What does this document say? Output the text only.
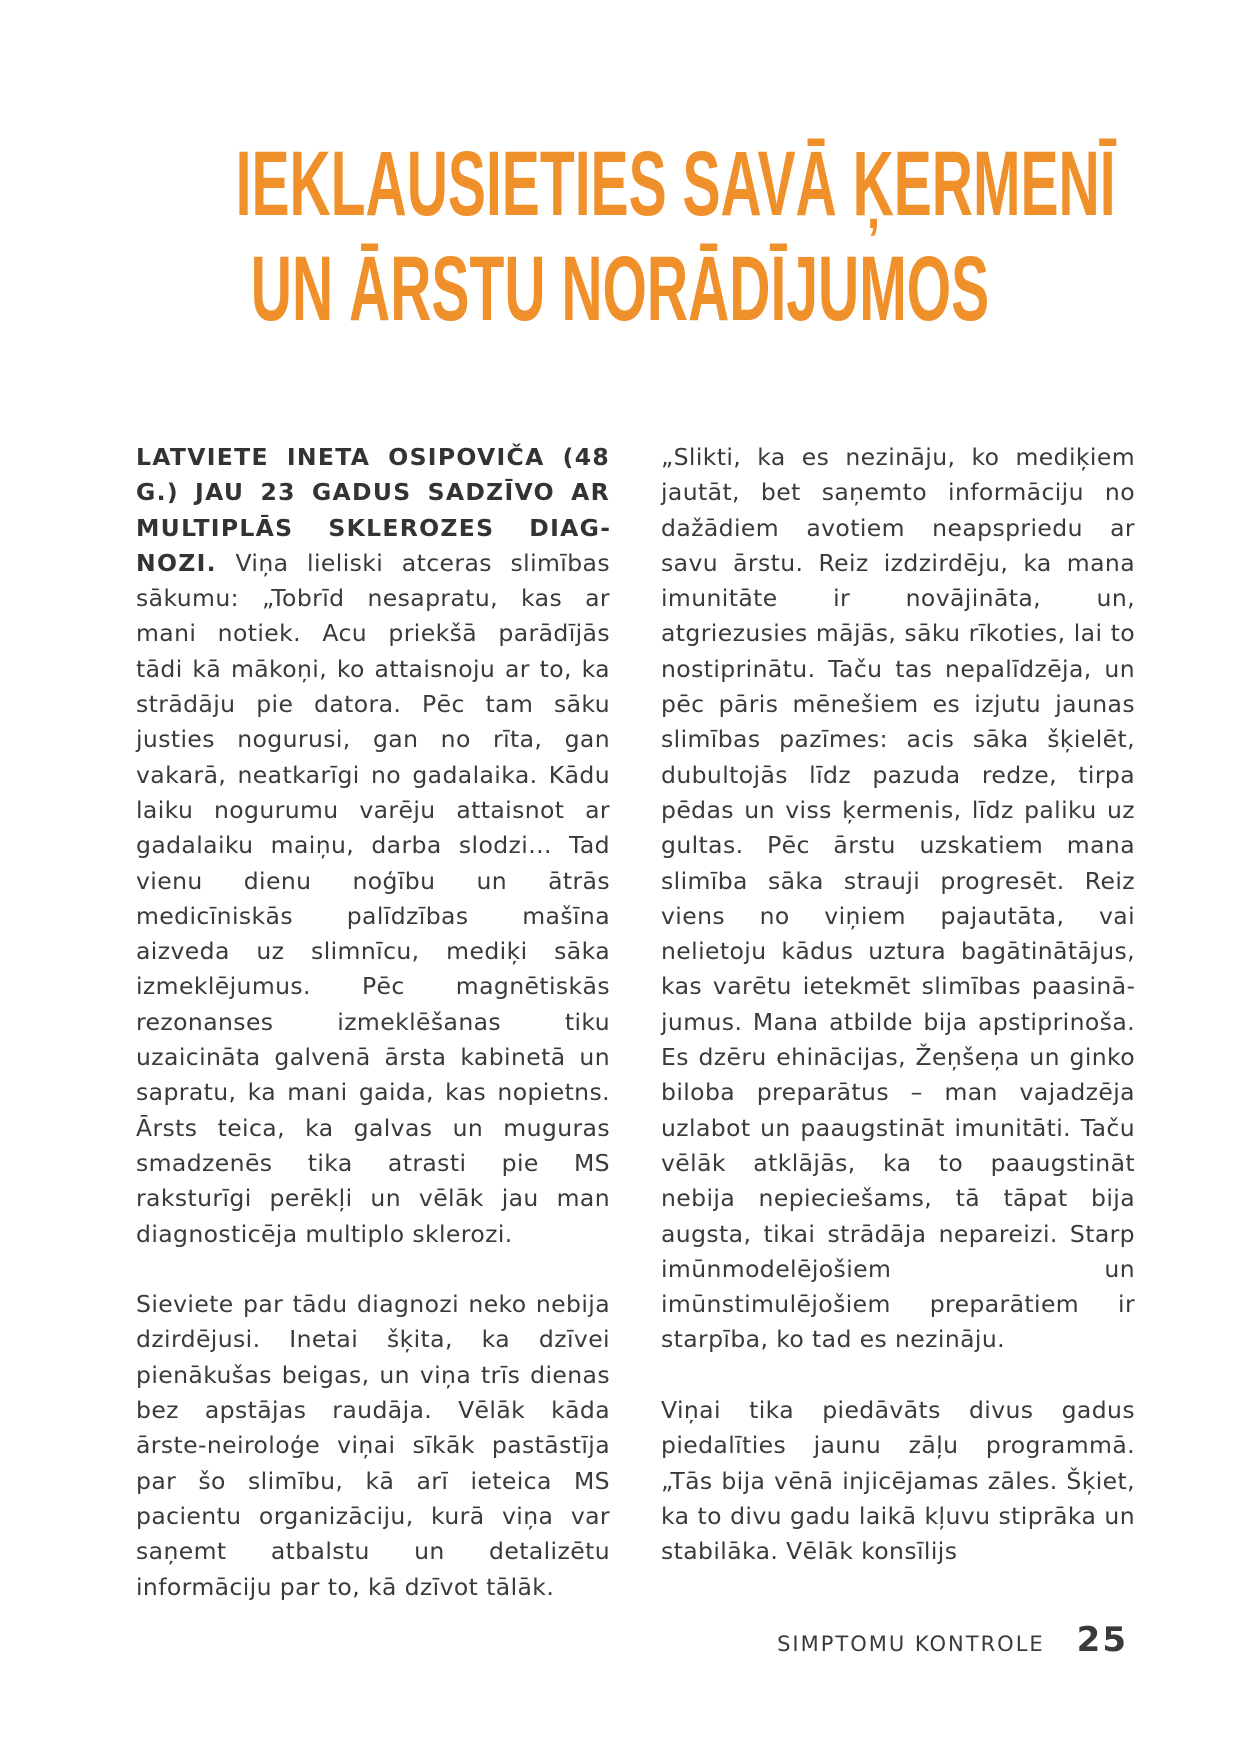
IEKLAUSIETIES SAVĀ ĶERMENĪ
UN ĀRSTU NORĀDĪJUMOS

LATVIETE INETA OSIPOVIČA (48 G.) JAU 23 GADUS SADZĪVO AR MULTIPLĀS SKLEROZES DIAGNOZI. Viņa lieliski atceras slimības sākumu: „Tobrīd nesapratu, kas ar mani notiek. Acu priekšā parādījās tādi kā mākoņi, ko attaisnoju ar to, ka strādāju pie datora. Pēc tam sāku justies nogurusi, gan no rīta, gan vakarā, neatkarīgi no gadalaika. Kādu laiku nogurumu varēju attaisnot ar gadalaiku maiņu, darba slodzi... Tad vienu dienu noģību un ātrās medicīniskās palīdzības mašīna aizveda uz slimnīcu, mediķi sāka izmeklējumus. Pēc magnētiskās rezonanses izmeklēšanas tiku uzaicināta galvenā ārsta kabinetā un sapratu, ka mani gaida, kas nopietns. Ārsts teica, ka galvas un muguras smadzenēs tika atrasti pie MS raksturīgi perēkļi un vēlāk jau man diagnosticēja multiplo sklerozi.

Sieviete par tādu diagnozi neko nebija dzirdējusi. Inetai šķita, ka dzīvei pienākušas beigas, un viņa trīs dienas bez apstājas raudāja. Vēlāk kāda ārste-neiroloģe viņai sīkāk pastāstīja par šo slimību, kā arī ieteica MS pacientu organizāciju, kurā viņa var saņemt atbalstu un detalizētu informāciju par to, kā dzīvot tālāk.

„Slikti, ka es nezināju, ko mediķiem jautāt, bet saņemto informāciju no dažādiem avotiem neapspriedu ar savu ārstu. Reiz izdzirdēju, ka mana imunitāte ir novājināta, un, atgriezusies mājās, sāku rīkoties, lai to nostiprinātu. Taču tas nepalīdzēja, un pēc pāris mēnešiem es izjutu jaunas slimības pazīmes: acis sāka šķielēt, dubultojās līdz pazuda redze, tirpa pēdas un viss ķermenis, līdz paliku uz gultas. Pēc ārstu uzskatiem mana slimība sāka strauji progresēt. Reiz viens no viņiem pajautāta, vai nelietoju kādus uztura bagātinātājus, kas varētu ietekmēt slimības paasinājumus. Mana atbilde bija apstiprinoša. Es dzēru ehinācijas, Žeņšeņa un ginko biloba preparātus – man vajadzēja uzlabot un paaugstināt imunitāti. Taču vēlāk atklājās, ka to paaugstināt nebija nepieciešams, tā tāpat bija augsta, tikai strādāja nepareizi. Starp imūnmodelējošiem un imūnstimulējošiem preparātiem ir starpība, ko tad es nezināju.

Viņai tika piedāvāts divus gadus piedalīties jaunu zāļu programmā. „Tās bija vēnā injicējamas zāles. Šķiet, ka to divu gadu laikā kļuvu stiprāka un stabilāka. Vēlāk konsīlijs

SIMPTOMU KONTROLE 25
